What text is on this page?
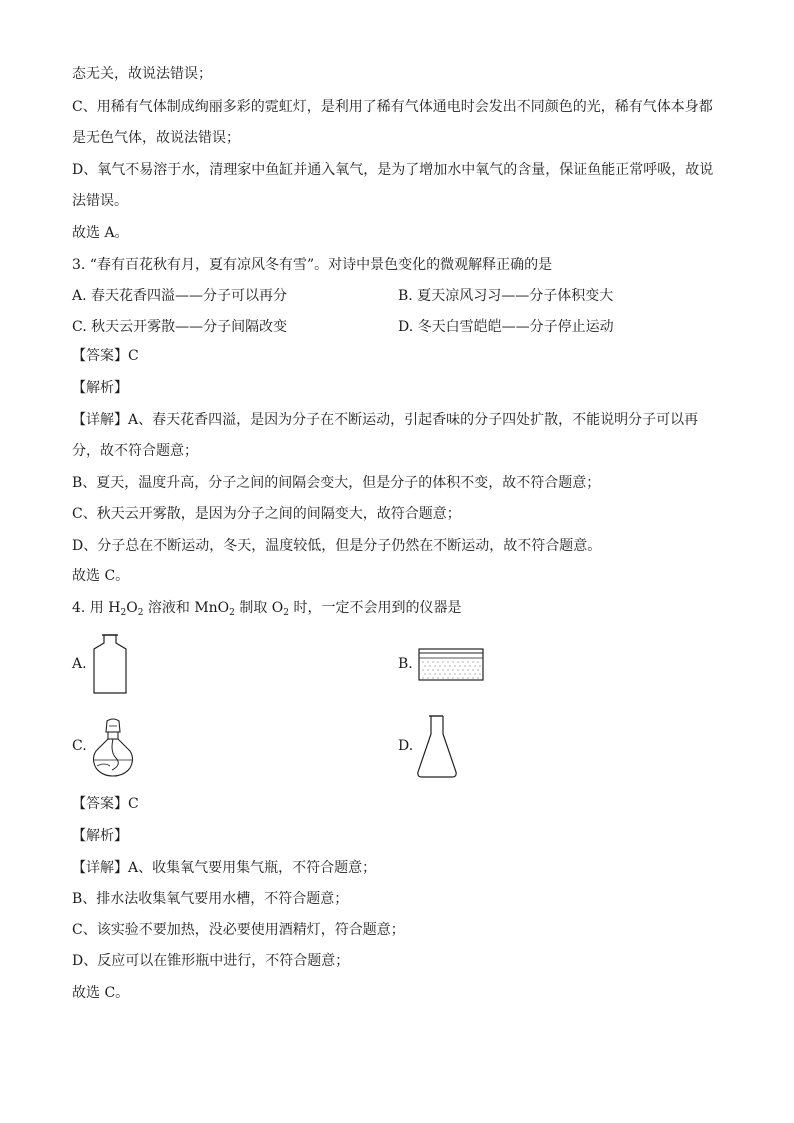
态无关，故说法错误；
C、用稀有气体制成绚丽多彩的霓虹灯，是利用了稀有气体通电时会发出不同颜色的光，稀有气体本身都
是无色气体，故说法错误；
D、氧气不易溶于水，清理家中鱼缸并通入氧气，是为了增加水中氧气的含量，保证鱼能正常呼吸，故说
法错误。
故选 A。
3. “春有百花秋有月，夏有凉风冬有雪”。对诗中景色变化的微观解释正确的是
A. 春天花香四溢——分子可以再分	B. 夏天凉风习习——分子体积变大
C. 秋天云开雾散——分子间隔改变	D. 冬天白雪皑皑——分子停止运动
【答案】C
【解析】
【详解】A、春天花香四溢，是因为分子在不断运动，引起香味的分子四处扩散，不能说明分子可以再
分，故不符合题意；
B、夏天，温度升高，分子之间的间隔会变大，但是分子的体积不变，故不符合题意；
C、秋天云开雾散，是因为分子之间的间隔变大，故符合题意；
D、分子总在不断运动，冬天，温度较低，但是分子仍然在不断运动，故不符合题意。
故选 C。
4. 用 $H_2O_2$ 溶液和 MnO$_2$ 制取 $O_2$ 时，一定不会用到的仪器是
A.	B.
C.	D.
【答案】C
【解析】
【详解】A、收集氧气要用集气瓶，不符合题意；
B、排水法收集氧气要用水槽，不符合题意；
C、该实验不要加热，没必要使用酒精灯，符合题意；
D、反应可以在锥形瓶中进行，不符合题意；
故选 C。
